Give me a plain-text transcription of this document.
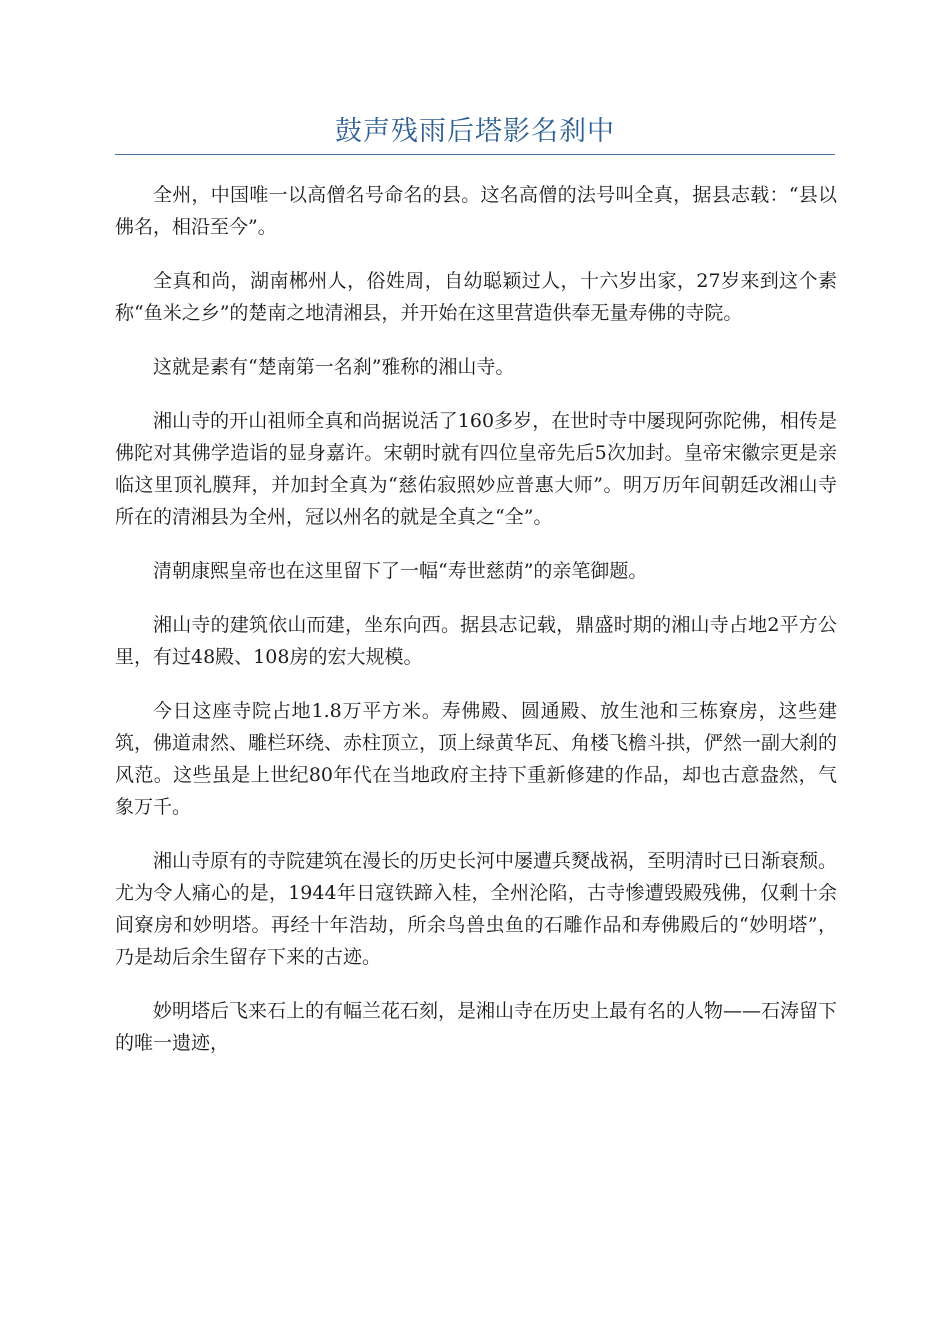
鼓声残雨后塔影名刹中

全州，中国唯一以高僧名号命名的县。这名高僧的法号叫全真，据县志载：“县以佛名，相沿至今”。

全真和尚，湖南郴州人，俗姓周，自幼聪颖过人，十六岁出家，27岁来到这个素称“鱼米之乡”的楚南之地清湘县，并开始在这里营造供奉无量寿佛的寺院。

这就是素有“楚南第一名刹”雅称的湘山寺。

湘山寺的开山祖师全真和尚据说活了160多岁，在世时寺中屡现阿弥陀佛，相传是佛陀对其佛学造诣的显身嘉许。宋朝时就有四位皇帝先后5次加封。皇帝宋徽宗更是亲临这里顶礼膜拜，并加封全真为“慈佑寂照妙应普惠大师”。明万历年间朝廷改湘山寺所在的清湘县为全州，冠以州名的就是全真之“全”。

清朝康熙皇帝也在这里留下了一幅“寿世慈荫”的亲笔御题。

湘山寺的建筑依山而建，坐东向西。据县志记载，鼎盛时期的湘山寺占地2平方公里，有过48殿、108房的宏大规模。

今日这座寺院占地1.8万平方米。寿佛殿、圆通殿、放生池和三栋寮房，这些建筑，佛道肃然、雕栏环绕、赤柱顶立，顶上绿黄华瓦、角楼飞檐斗拱，俨然一副大刹的风范。这些虽是上世纪80年代在当地政府主持下重新修建的作品，却也古意盎然，气象万千。

湘山寺原有的寺院建筑在漫长的历史长河中屡遭兵燹战祸，至明清时已日渐衰颓。尤为令人痛心的是，1944年日寇铁蹄入桂，全州沦陷，古寺惨遭毁殿残佛，仅剩十余间寮房和妙明塔。再经十年浩劫，所余鸟兽虫鱼的石雕作品和寿佛殿后的“妙明塔”，乃是劫后余生留存下来的古迹。

妙明塔后飞来石上的有幅兰花石刻，是湘山寺在历史上最有名的人物——石涛留下的唯一遗迹，
